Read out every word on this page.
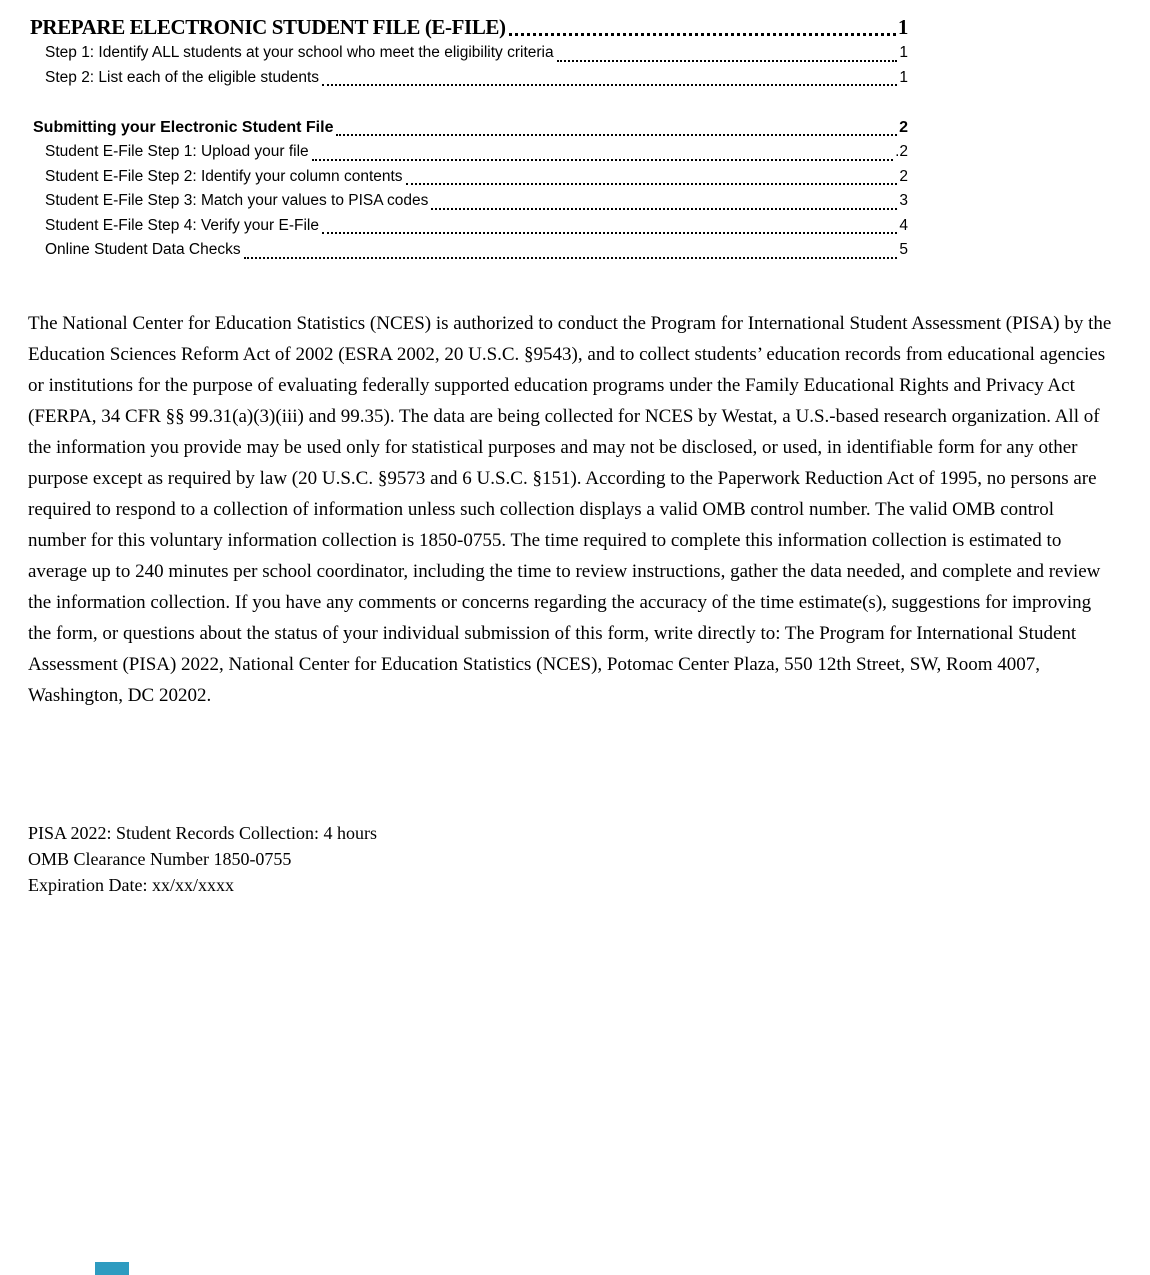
PREPARE ELECTRONIC STUDENT FILE (E-FILE)	1
Step 1: Identify ALL students at your school who meet the eligibility criteria	1
Step 2: List each of the eligible students	1
Submitting your Electronic Student File	2
Student E-File Step 1: Upload your file	.2
Student E-File Step 2: Identify your column contents	2
Student E-File Step 3: Match your values to PISA codes	3
Student E-File Step 4: Verify your E-File	4
Online Student Data Checks	5
The National Center for Education Statistics (NCES) is authorized to conduct the Program for International Student Assessment (PISA) by the Education Sciences Reform Act of 2002 (ESRA 2002, 20 U.S.C. §9543), and to collect students’ education records from educational agencies or institutions for the purpose of evaluating federally supported education programs under the Family Educational Rights and Privacy Act (FERPA, 34 CFR §§ 99.31(a)(3)(iii) and 99.35). The data are being collected for NCES by Westat, a U.S.-based research organization. All of the information you provide may be used only for statistical purposes and may not be disclosed, or used, in identifiable form for any other purpose except as required by law (20 U.S.C. §9573 and 6 U.S.C. §151). According to the Paperwork Reduction Act of 1995, no persons are required to respond to a collection of information unless such collection displays a valid OMB control number. The valid OMB control number for this voluntary information collection is 1850-0755. The time required to complete this information collection is estimated to average up to 240 minutes per school coordinator, including the time to review instructions, gather the data needed, and complete and review the information collection. If you have any comments or concerns regarding the accuracy of the time estimate(s), suggestions for improving the form, or questions about the status of your individual submission of this form, write directly to: The Program for International Student Assessment (PISA) 2022, National Center for Education Statistics (NCES), Potomac Center Plaza, 550 12th Street, SW, Room 4007, Washington, DC 20202.
PISA 2022: Student Records Collection: 4 hours
OMB Clearance Number 1850-0755
Expiration Date: xx/xx/xxxx
